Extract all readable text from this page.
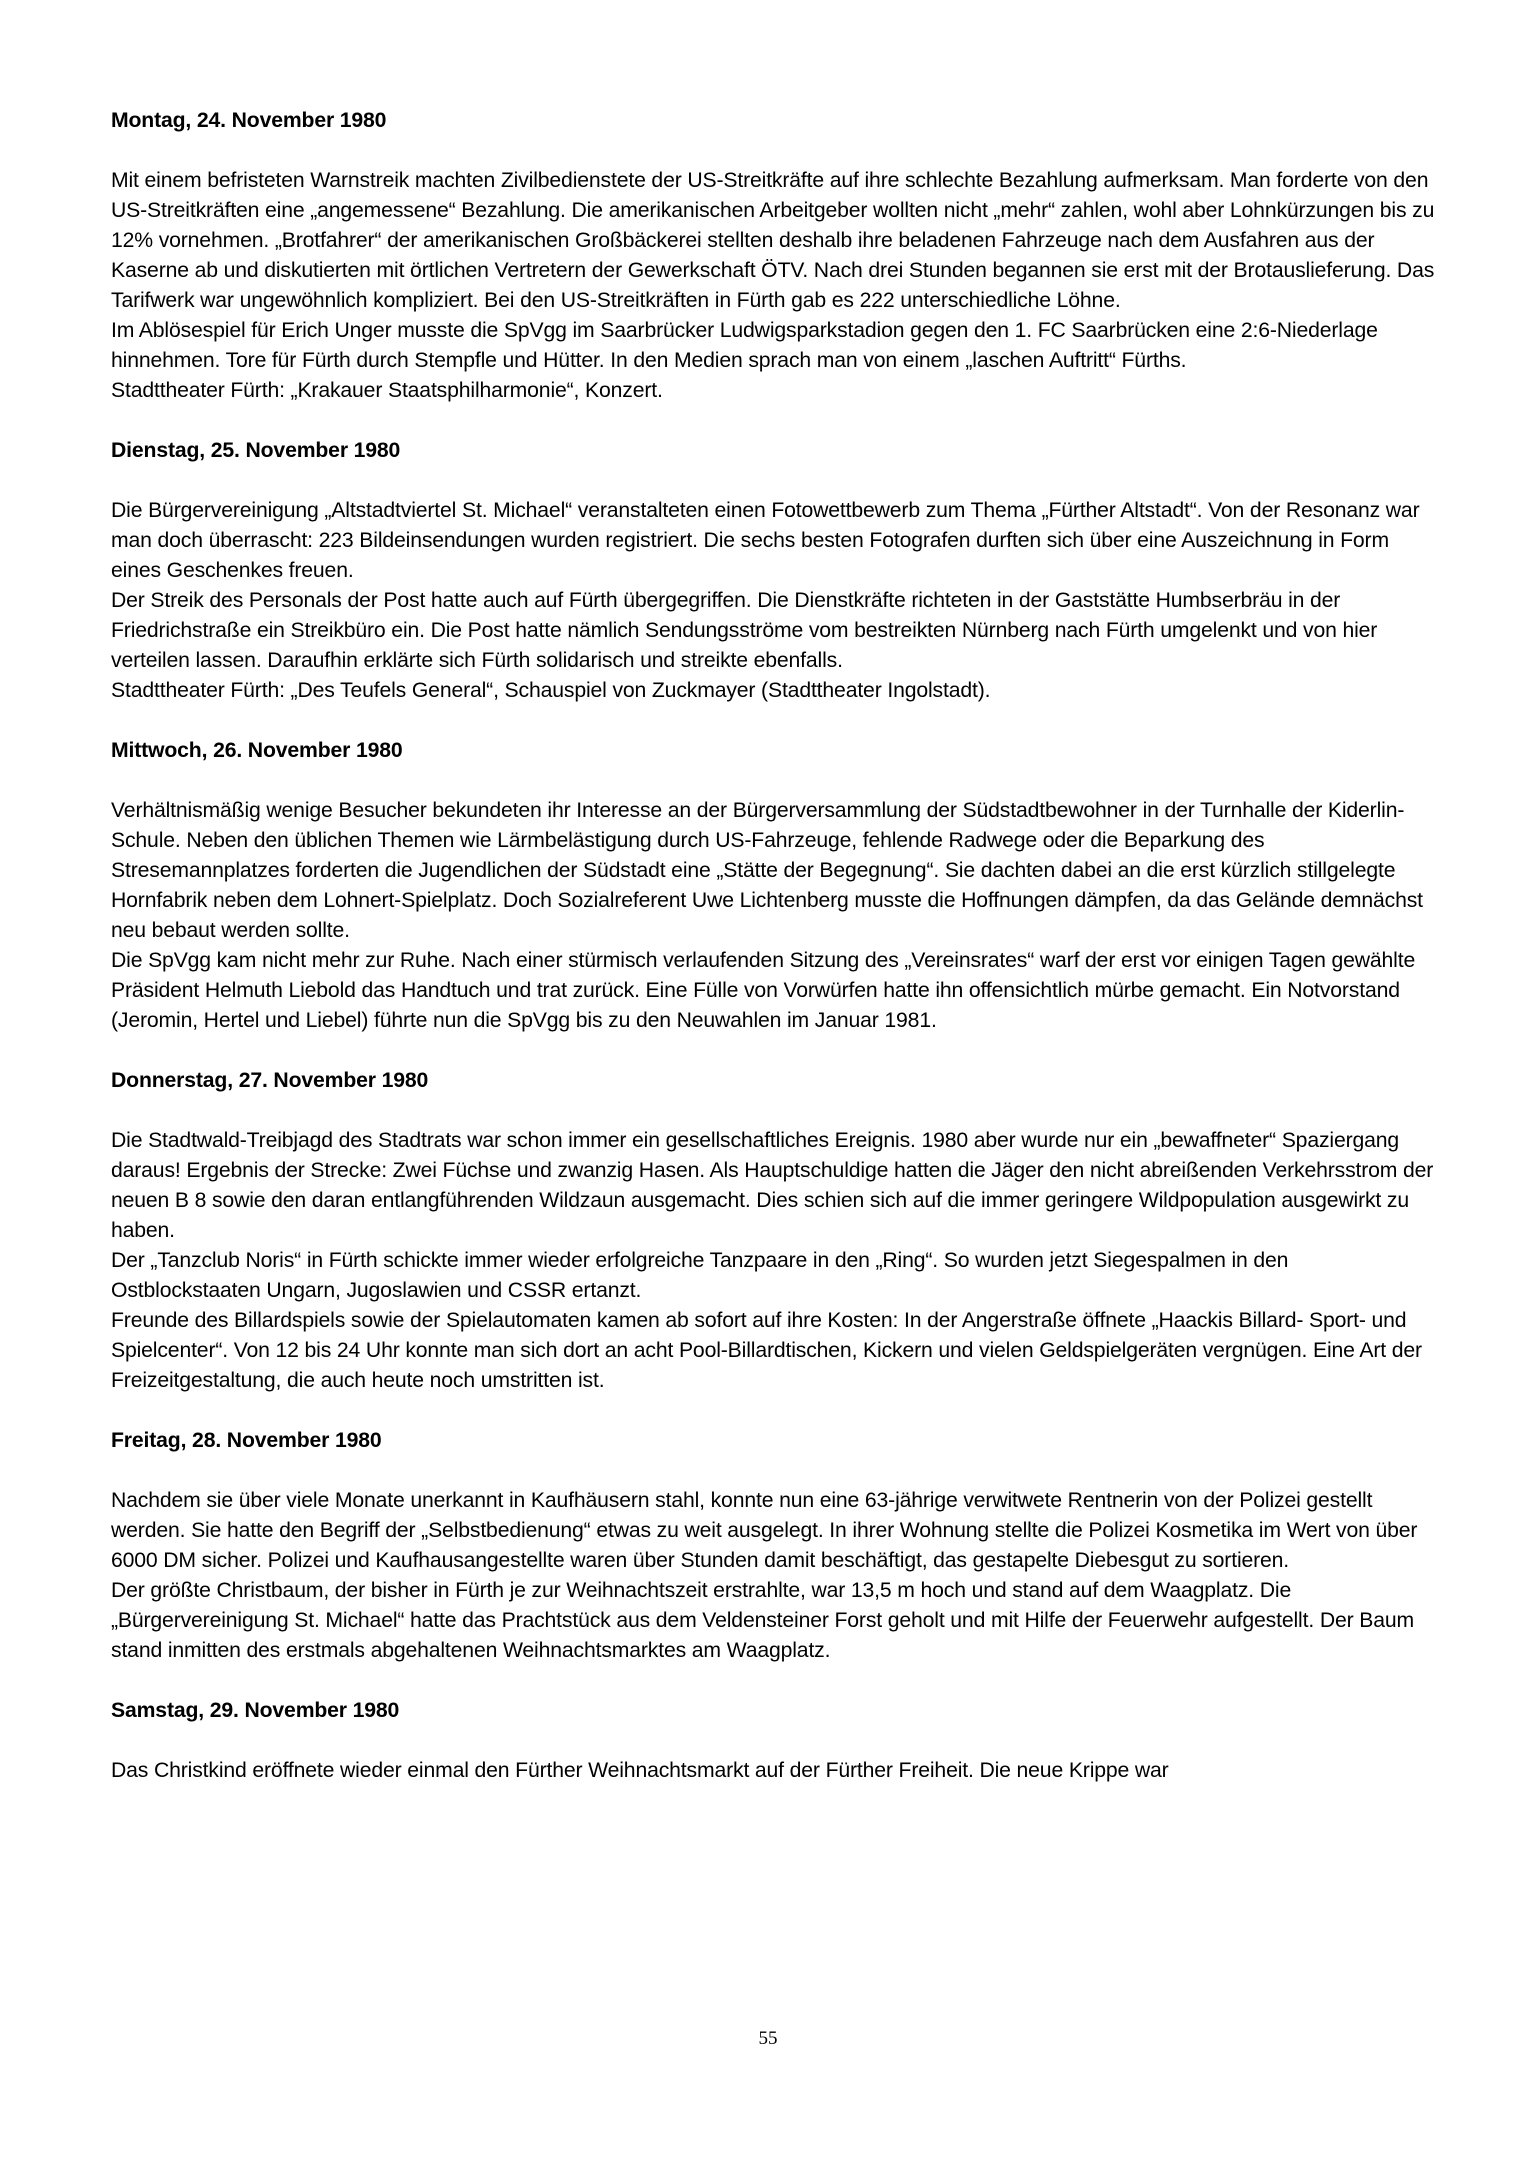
Montag, 24. November 1980

Mit einem befristeten Warnstreik machten Zivilbedienstete der US-Streitkräfte auf ihre schlechte Bezahlung aufmerksam. Man forderte von den US-Streitkräften eine „angemessene“ Bezahlung. Die amerikanischen Arbeitgeber wollten nicht „mehr“ zahlen, wohl aber Lohnkürzungen bis zu 12% vornehmen. „Brotfahrer“ der amerikanischen Großbäckerei stellten deshalb ihre beladenen Fahrzeuge nach dem Ausfahren aus der Kaserne ab und diskutierten mit örtlichen Vertretern der Gewerkschaft ÖTV. Nach drei Stunden begannen sie erst mit der Brotauslieferung. Das Tarifwerk war ungewöhnlich kompliziert. Bei den US-Streitkräften in Fürth gab es 222 unterschiedliche Löhne.

Im Ablösespiel für Erich Unger musste die SpVgg im Saarbrücker Ludwigsparkstadion gegen den 1. FC Saarbrücken eine 2:6-Niederlage hinnehmen. Tore für Fürth durch Stempfle und Hütter. In den Medien sprach man von einem „laschen Auftritt“ Fürths.

Stadttheater Fürth: „Krakauer Staatsphilharmonie“, Konzert.

Dienstag, 25. November 1980

Die Bürgervereinigung „Altstadtviertel St. Michael“ veranstalteten einen Fotowettbewerb zum Thema „Fürther Altstadt“. Von der Resonanz war man doch überrascht: 223 Bildeinsendungen wurden registriert. Die sechs besten Fotografen durften sich über eine Auszeichnung in Form eines Geschenkes freuen.

Der Streik des Personals der Post hatte auch auf Fürth übergegriffen. Die Dienstkräfte richteten in der Gaststätte Humbserbräu in der Friedrichstraße ein Streikbüro ein. Die Post hatte nämlich Sendungsströme vom bestreikten Nürnberg nach Fürth umgelenkt und von hier verteilen lassen. Daraufhin erklärte sich Fürth solidarisch und streikte ebenfalls.

Stadttheater Fürth: „Des Teufels General“, Schauspiel von Zuckmayer (Stadttheater Ingolstadt).

Mittwoch, 26. November 1980

Verhältnismäßig wenige Besucher bekundeten ihr Interesse an der Bürgerversammlung der Südstadtbewohner in der Turnhalle der Kiderlin-Schule. Neben den üblichen Themen wie Lärmbelästigung durch US-Fahrzeuge, fehlende Radwege oder die Beparkung des Stresemannplatzes forderten die Jugendlichen der Südstadt eine „Stätte der Begegnung“. Sie dachten dabei an die erst kürzlich stillgelegte Hornfabrik neben dem Lohnert-Spielplatz. Doch Sozialreferent Uwe Lichtenberg musste die Hoffnungen dämpfen, da das Gelände demnächst neu bebaut werden sollte.

Die SpVgg kam nicht mehr zur Ruhe. Nach einer stürmisch verlaufenden Sitzung des „Vereinsrates“ warf der erst vor einigen Tagen gewählte Präsident Helmuth Liebold das Handtuch und trat zurück. Eine Fülle von Vorwürfen hatte ihn offensichtlich mürbe gemacht. Ein Notvorstand (Jeromin, Hertel und Liebel) führte nun die SpVgg bis zu den Neuwahlen im Januar 1981.

Donnerstag, 27. November 1980

Die Stadtwald-Treibjagd des Stadtrats war schon immer ein gesellschaftliches Ereignis. 1980 aber wurde nur ein „bewaffneter“ Spaziergang daraus! Ergebnis der Strecke: Zwei Füchse und zwanzig Hasen. Als Hauptschuldige hatten die Jäger den nicht abreißenden Verkehrsstrom der neuen B 8 sowie den daran entlangführenden Wildzaun ausgemacht. Dies schien sich auf die immer geringere Wildpopulation ausgewirkt zu haben.

Der „Tanzclub Noris“ in Fürth schickte immer wieder erfolgreiche Tanzpaare in den „Ring“. So wurden jetzt Siegespalmen in den Ostblockstaaten Ungarn, Jugoslawien und CSSR ertanzt.

Freunde des Billardspiels sowie der Spielautomaten kamen ab sofort auf ihre Kosten: In der Angerstraße öffnete „Haackis Billard- Sport- und Spielcenter“. Von 12 bis 24 Uhr konnte man sich dort an acht Pool-Billardtischen, Kickern und vielen Geldspielgeräten vergnügen. Eine Art der Freizeitgestaltung, die auch heute noch umstritten ist.

Freitag, 28. November 1980

Nachdem sie über viele Monate unerkannt in Kaufhäusern stahl, konnte nun eine 63-jährige verwitwete Rentnerin von der Polizei gestellt werden. Sie hatte den Begriff der „Selbstbedienung“ etwas zu weit ausgelegt. In ihrer Wohnung stellte die Polizei Kosmetika im Wert von über 6000 DM sicher. Polizei und Kaufhausangestellte waren über Stunden damit beschäftigt, das gestapelte Diebesgut zu sortieren.

Der größte Christbaum, der bisher in Fürth je zur Weihnachtszeit erstrahlte, war 13,5 m hoch und stand auf dem Waagplatz. Die „Bürgervereinigung St. Michael“ hatte das Prachtstück aus dem Veldensteiner Forst geholt und mit Hilfe der Feuerwehr aufgestellt. Der Baum stand inmitten des erstmals abgehaltenen Weihnachtsmarktes am Waagplatz.

Samstag, 29. November 1980

Das Christkind eröffnete wieder einmal den Fürther Weihnachtsmarkt auf der Fürther Freiheit. Die neue Krippe war

55
